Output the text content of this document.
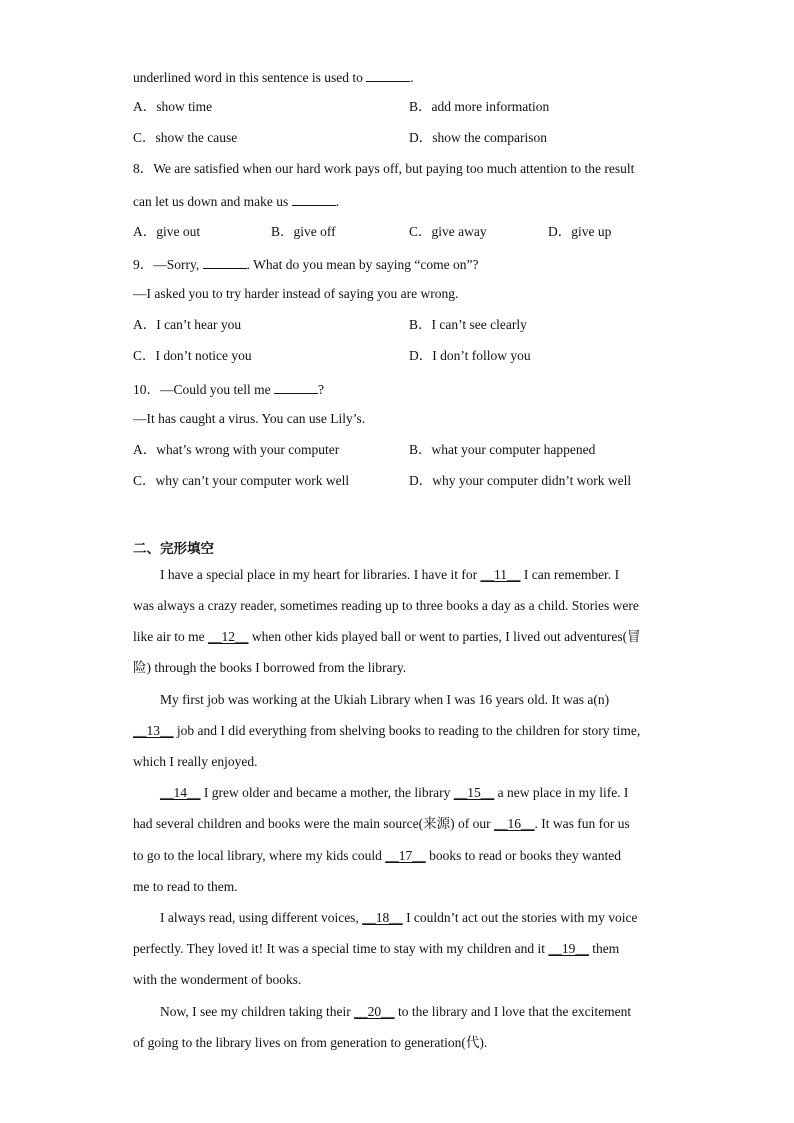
underlined word in this sentence is used to	.
A．show time	B．add more information
C．show the cause	D．show the comparison
8．We are satisfied when our hard work pays off, but paying too much attention to the result
can let us down and make us	.
A．give out	B．give off	C．give away	D．give up
9．—Sorry,	. What do you mean by saying “come on”?
—I asked you to try harder instead of saying you are wrong.
A．I can’t hear you	B．I can’t see clearly
C．I don’t notice you	D．I don’t follow you
10．—Could you tell me	?
—It has caught a virus. You can use Lily’s.
A．what’s wrong with your computer	B．what your computer happened
C．why can’t your computer work well	D．why your computer didn’t work well
二、完形填空
I have a special place in my heart for libraries. I have it for __11__ I can remember. I
was always a crazy reader, sometimes reading up to three books a day as a child. Stories were
like air to me __12__ when other kids played ball or went to parties, I lived out adventures(冒
险) through the books I borrowed from the library.
My first job was working at the Ukiah Library when I was 16 years old. It was a(n)
__13__ job and I did everything from shelving books to reading to the children for story time,
which I really enjoyed.
__14__ I grew older and became a mother, the library __15__ a new place in my life. I
had several children and books were the main source(来源) of our __16__. It was fun for us
to go to the local library, where my kids could __17__ books to read or books they wanted
me to read to them.
I always read, using different voices, __18__ I couldn’t act out the stories with my voice
perfectly. They loved it! It was a special time to stay with my children and it __19__ them
with the wonderment of books.
Now, I see my children taking their __20__ to the library and I love that the excitement
of going to the library lives on from generation to generation(代).
